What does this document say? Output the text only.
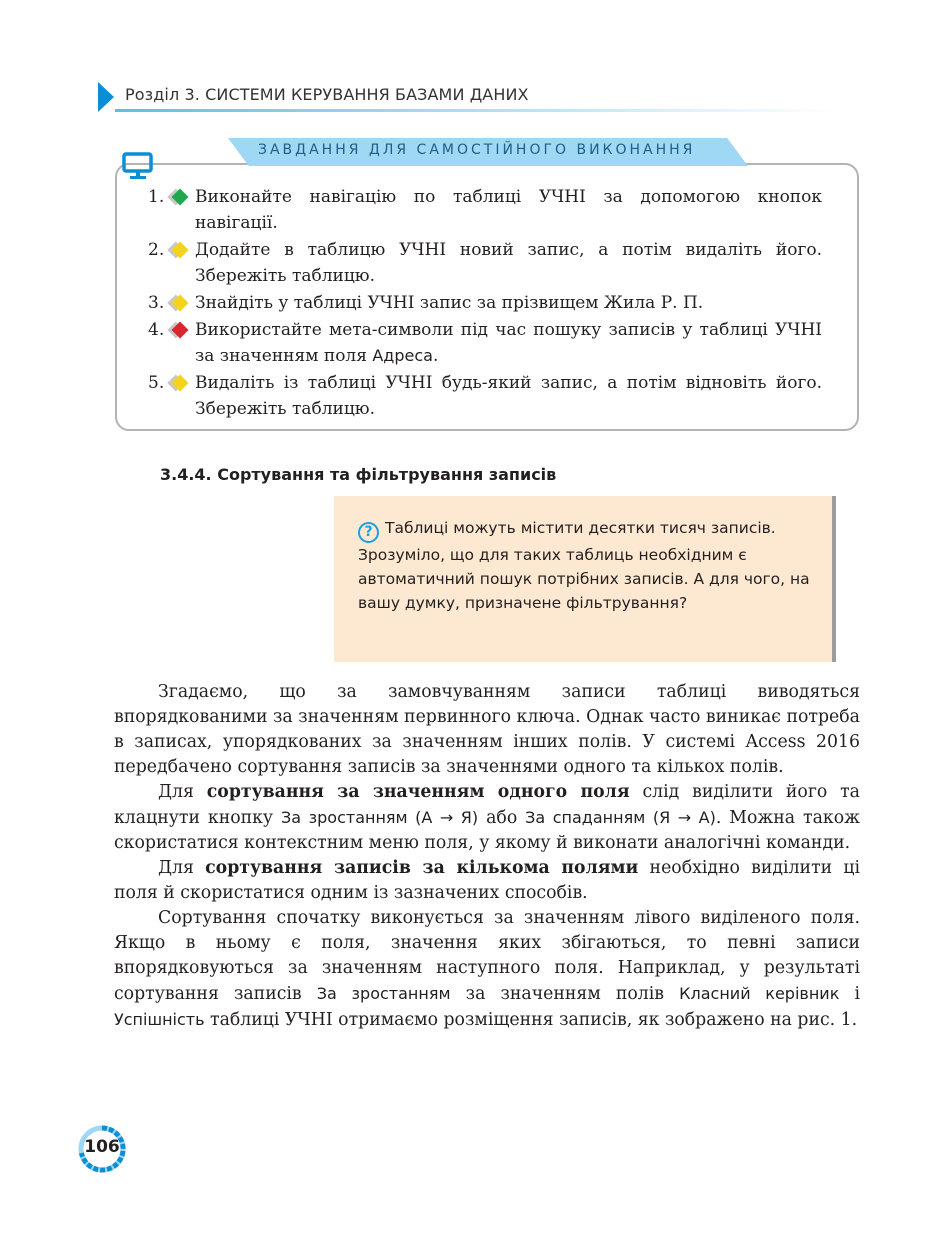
Розділ 3. СИСТЕМИ КЕРУВАННЯ БАЗАМИ ДАНИХ
ЗАВДАННЯ ДЛЯ САМОСТІЙНОГО ВИКОНАННЯ
1. Виконайте навігацію по таблиці УЧНІ за допомогою кнопок навігації.
2. Додайте в таблицю УЧНІ новий запис, а потім видаліть його. Збережіть таблицю.
3. Знайдіть у таблиці УЧНІ запис за прізвищем Жила Р. П.
4. Використайте мета-символи під час пошуку записів у таблиці УЧНІ за значенням поля Адреса.
5. Видаліть із таблиці УЧНІ будь-який запис, а потім відновіть його. Збережіть таблицю.
3.4.4. Сортування та фільтрування записів

? Таблиці можуть містити десятки тисяч записів. Зрозуміло, що для таких таблиць необхідним є автоматичний пошук потрібних записів. А для чого, на вашу думку, призначене фільтрування?

Згадаємо, що за замовчуванням записи таблиці виводяться впорядкованими за значенням первинного ключа. Однак часто виникає потреба в записах, упорядкованих за значенням інших полів. У системі Access 2016 передбачено сортування записів за значеннями одного та кількох полів.

Для сортування за значенням одного поля слід виділити його та клацнути кнопку За зростанням (А → Я) або За спаданням (Я → А). Можна також скористатися контекстним меню поля, у якому й виконати аналогічні команди.

Для сортування записів за кількома полями необхідно виділити ці поля й скористатися одним із зазначених способів.

Сортування спочатку виконується за значенням лівого виділеного поля. Якщо в ньому є поля, значення яких збігаються, то певні записи впорядковуються за значенням наступного поля. Наприклад, у результаті сортування записів За зростанням за значенням полів Класний керівник і Успішність таблиці УЧНІ отримаємо розміщення записів, як зображено на рис. 1.

106
